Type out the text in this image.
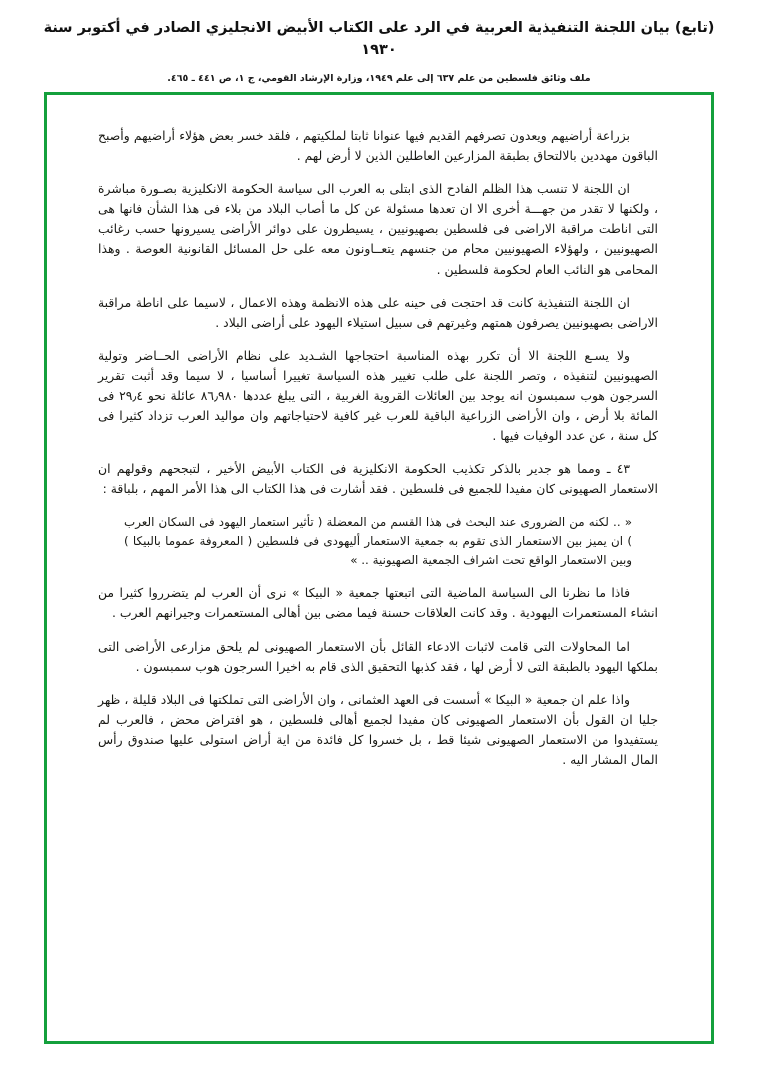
(تابع) بيان اللجنة التنفيذية العربية في الرد على الكتاب الأبيض الانجليزي الصادر في أكتوبر سنة ١٩٣٠
ملف وثائق فلسطين من علم ٦٣٧ إلى علم ١٩٤٩، وزارة الإرشاد القومي، ج ١، ص ٤٤١ ـ ٤٦٥.

بزراعة أراضيهم ويعدون تصرفهم القديم فيها عنوانا ثابتا لملكيتهم ، فلقد خسر بعض هؤلاء أراضيهم وأصبح الباقون مهددين بالالتحاق بطبقة المزارعين العاطلين الذين لا أرض لهم .

ان اللجنة لا تنسب هذا الظلم الفادح الذى ابتلى به العرب الى سياسة الحكومة الانكليزية بصـورة مباشرة ، ولكنها لا تقدر من جهـــة أخرى الا ان تعدها مسئولة عن كل ما أصاب البلاد من بلاء فى هذا الشأن فانها هى التى اناطت مراقبة الاراضى فى فلسطين بصهيونيين ، يسيطرون على دوائر الأراضى يسيرونها حسب رغائب الصهيونيين ، ولهؤلاء الصهيونيين محام من جنسهم يتعــاونون معه على حل المسائل القانونية العوصة . وهذا المحامى هو النائب العام لحكومة فلسطين .

ان اللجنة التنفيذية كانت قد احتجت فى حينه على هذه الانظمة وهذه الاعمال ، لاسيما على اناطة مراقبة الاراضى بصهيونيين يصرفون همتهم وغيرتهم فى سبيل استيلاء اليهود على أراضى البلاد .

ولا يسـع اللجنة الا أن تكرر بهذه المناسبة احتجاجها الشـديد على نظام الأراضى الحــاضر وتولية الصهيونيين لتنفيذه ، وتصر اللجنة على طلب تغيير هذه السياسة تغييرا أساسيا ، لا سيما وقد أثبت تقرير السرجون هوب سمبسون انه يوجد بين العائلات القروية الغربية ، التى يبلغ عددها ٨٦٫٩٨٠ عائلة نحو ٢٩٫٤ فى المائة بلا أرض ، وان الأراضى الزراعية الباقية للعرب غير كافية لاحتياجاتهم وان مواليد العرب تزداد كثيرا فى كل سنة ، عن عدد الوفيات فيها .

٤٣ ـ ومما هو جدير بالذكر تكذيب الحكومة الانكليزية فى الكتاب الأبيض الأخير ، لتبجحهم وقولهم ان الاستعمار الصهيونى كان مفيدا للجميع فى فلسطين . فقد أشارت فى هذا الكتاب الى هذا الأمر المهم ، بلباقة :

« .. لكنه من الضرورى عند البحث فى هذا القسم من المعضلة ( تأثير استعمار اليهود فى السكان العرب ) ان يميز بين الاستعمار الذى تقوم به جمعية الاستعمار أليهودى فى فلسطين ( المعروفة عموما بالبيكا ) وبين الاستعمار الواقع تحت اشراف الجمعية الصهيونية .. »

فاذا ما نظرنا الى السياسة الماضية التى اتبعتها جمعية « البيكا » نرى أن العرب لم يتضرروا كثيرا من انشاء المستعمرات اليهودية . وقد كانت العلاقات حسنة فيما مضى بين أهالى المستعمرات وجيرانهم العرب .

اما المحاولات التى قامت لاثبات الادعاء القائل بأن الاستعمار الصهيونى لم يلحق مزارعى الأراضى التى بملكها اليهود بالطبقة التى لا أرض لها ، فقد كذبها التحقيق الذى قام به اخيرا السرجون هوب سمبسون .

واذا علم ان جمعية « البيكا » أسست فى العهد العثمانى ، وان الأراضى التى تملكتها فى البلاد قليلة ، ظهر جليا ان القول بأن الاستعمار الصهيونى كان مفيدا لجميع أهالى فلسطين ، هو افتراض محض ، فالعرب لم يستفيدوا من الاستعمار الصهيونى شيئا قط ، بل خسروا كل فائدة من اية أراض استولى عليها صندوق رأس المال المشار اليه .
